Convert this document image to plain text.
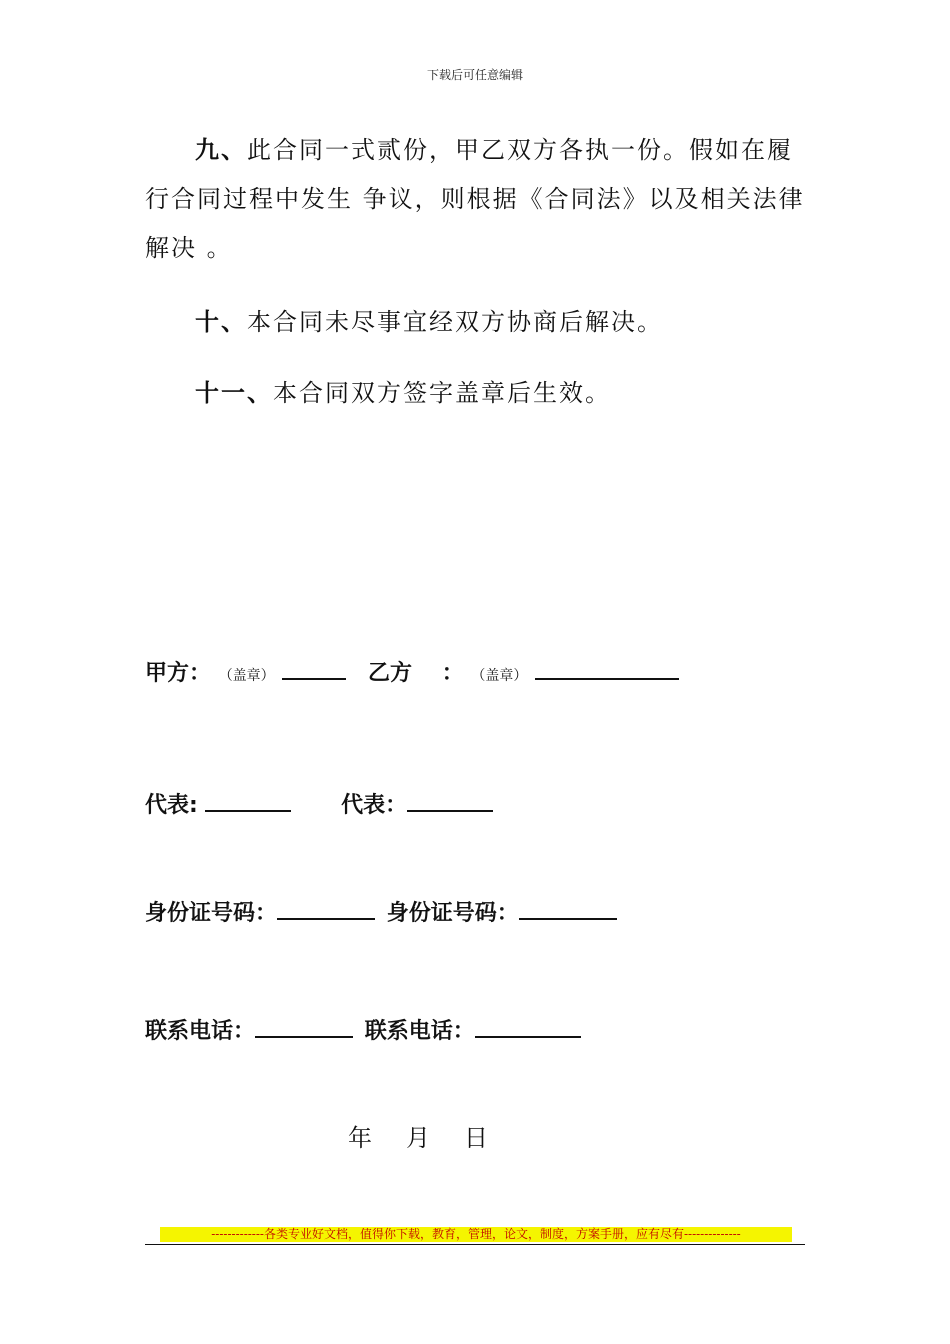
下载后可任意编辑
九、此合同一式贰份，甲乙双方各执一份。假如在履行合同过程中发生 争议，则根据《合同法》以及相关法律解决 。
十、本合同未尽事宜经双方协商后解决。
十一、本合同双方签字盖章后生效。
甲方： （盖章）	乙方 ： （盖章）
代表:	代表：
身份证号码：	身份证号码：
联系电话：	联系电话：
年 月 日
-------------各类专业好文档，值得你下载，教育，管理，论文，制度，方案手册，应有尽有--------------
